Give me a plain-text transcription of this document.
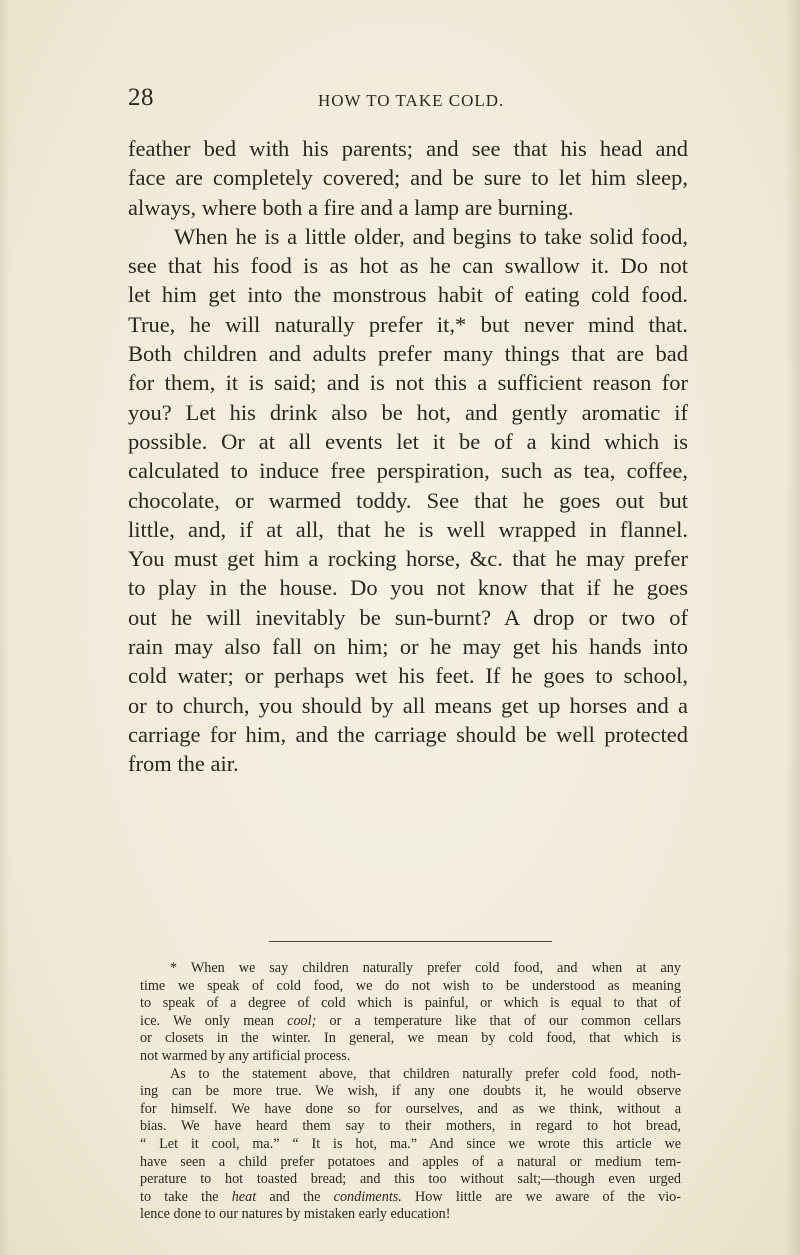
28	HOW TO TAKE COLD.
feather bed with his parents; and see that his head and
face are completely covered; and be sure to let him sleep,
always, where both a fire and a lamp are burning.
When he is a little older, and begins to take solid food,
see that his food is as hot as he can swallow it. Do not
let him get into the monstrous habit of eating cold food.
True, he will naturally prefer it,* but never mind that.
Both children and adults prefer many things that are bad
for them, it is said; and is not this a sufficient reason for
you? Let his drink also be hot, and gently aromatic if
possible. Or at all events let it be of a kind which is
calculated to induce free perspiration, such as tea, coffee,
chocolate, or warmed toddy. See that he goes out but
little, and, if at all, that he is well wrapped in flannel.
You must get him a rocking horse, &c. that he may prefer
to play in the house. Do you not know that if he goes
out he will inevitably be sun-burnt? A drop or two of
rain may also fall on him; or he may get his hands into
cold water; or perhaps wet his feet. If he goes to school,
or to church, you should by all means get up horses and a
carriage for him, and the carriage should be well protected
from the air.
* When we say children naturally prefer cold food, and when at any
time we speak of cold food, we do not wish to be understood as meaning
to speak of a degree of cold which is painful, or which is equal to that of
ice. We only mean cool; or a temperature like that of our common cellars
or closets in the winter. In general, we mean by cold food, that which is
not warmed by any artificial process.
As to the statement above, that children naturally prefer cold food, noth-
ing can be more true. We wish, if any one doubts it, he would observe
for himself. We have done so for ourselves, and as we think, without a
bias. We have heard them say to their mothers, in regard to hot bread,
“ Let it cool, ma.” “ It is hot, ma.” And since we wrote this article we
have seen a child prefer potatoes and apples of a natural or medium tem-
perature to hot toasted bread; and this too without salt;—though even urged
to take the heat and the condiments. How little are we aware of the vio-
lence done to our natures by mistaken early education!
